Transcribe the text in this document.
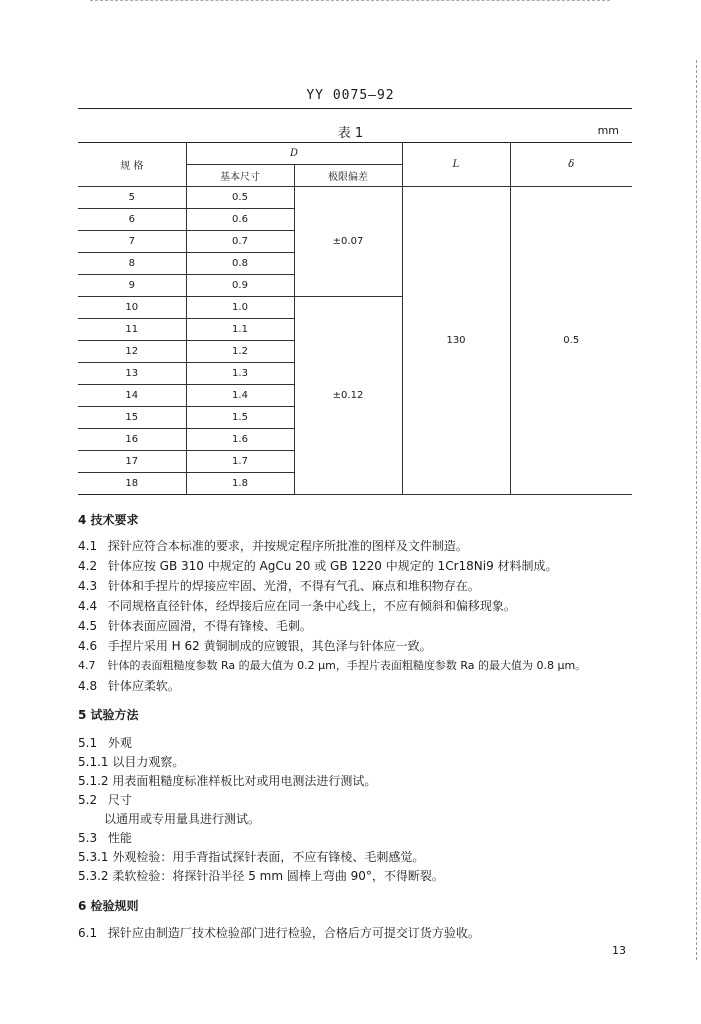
YY 0075—92
表 1	mm
规 格	D		L	δ
	基本尺寸	极限偏差		
5	0.5	±0.07	130	0.5
6	0.6			
7	0.7			
8	0.8			
9	0.9			
10	1.0	±0.12		
11	1.1			
12	1.2			
13	1.3			
14	1.4			
15	1.5			
16	1.6			
17	1.7			
18	1.8			
4 技术要求
4.1 探针应符合本标准的要求，并按规定程序所批准的图样及文件制造。
4.2 针体应按 GB 310 中规定的 AgCu 20 或 GB 1220 中规定的 1Cr18Ni9 材料制成。
4.3 针体和手捏片的焊接应牢固、光滑，不得有气孔、麻点和堆积物存在。
4.4 不同规格直径针体，经焊接后应在同一条中心线上，不应有倾斜和偏移现象。
4.5 针体表面应圆滑，不得有锋棱、毛刺。
4.6 手捏片采用 H 62 黄铜制成的应镀银，其色泽与针体应一致。
4.7 针体的表面粗糙度参数 Ra 的最大值为 0.2 μm，手捏片表面粗糙度参数 Ra 的最大值为 0.8 μm。
4.8 针体应柔软。
5 试验方法
5.1 外观
5.1.1 以目力观察。
5.1.2 用表面粗糙度标准样板比对或用电测法进行测试。
5.2 尺寸
以通用或专用量具进行测试。
5.3 性能
5.3.1 外观检验：用手背指试探针表面，不应有锋棱、毛刺感觉。
5.3.2 柔软检验：将探针沿半径 5 mm 圆棒上弯曲 90°，不得断裂。
6 检验规则
6.1 探针应由制造厂技术检验部门进行检验，合格后方可提交订货方验收。
13
